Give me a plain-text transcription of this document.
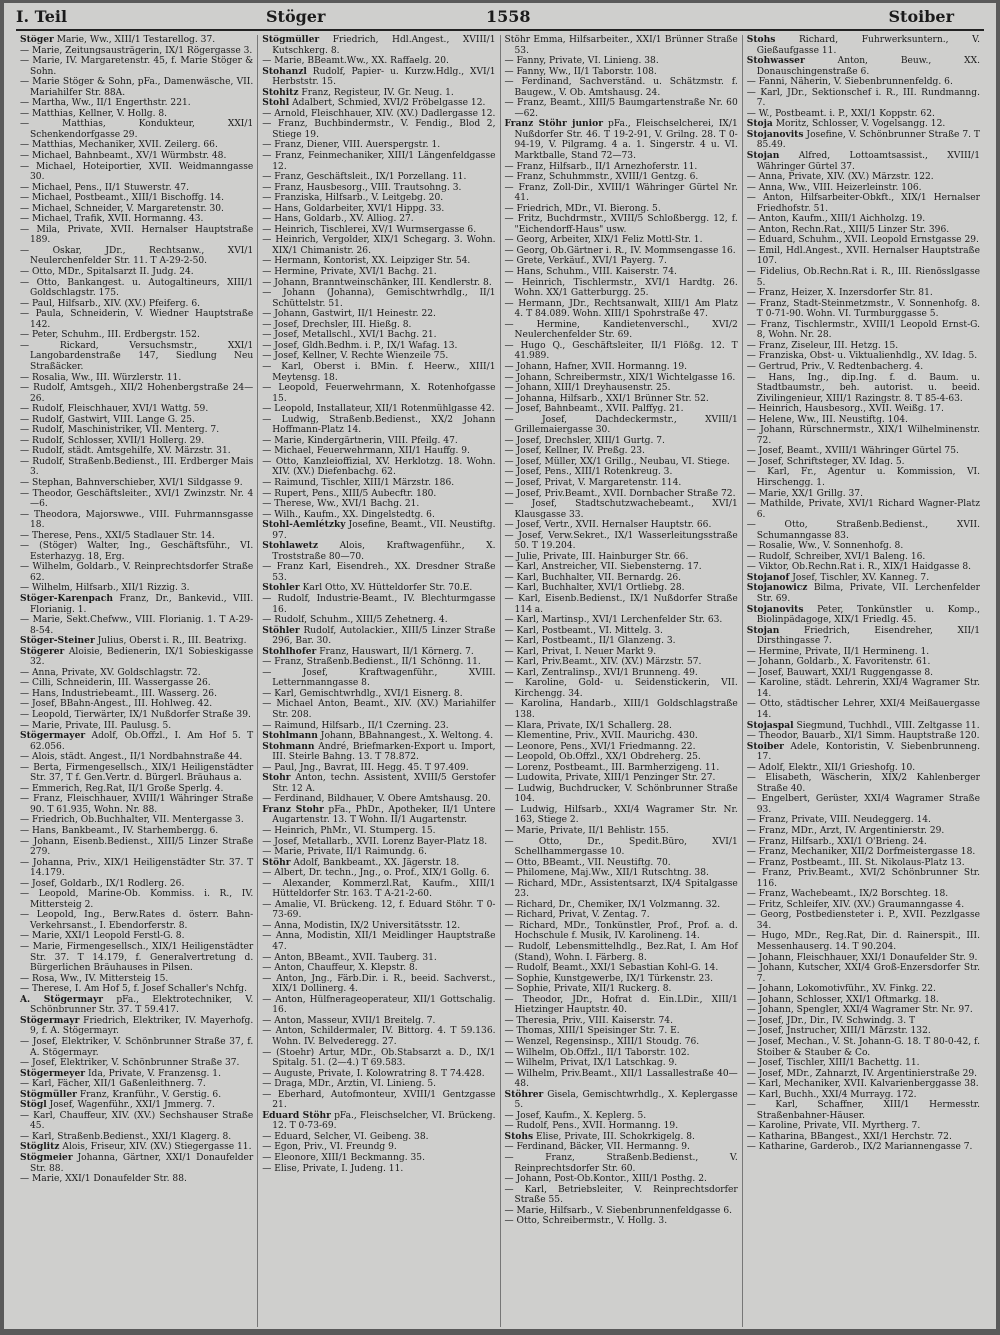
I. Teil	Stöger	1558	Stoiber

Stöger Marie, Ww., XIII/1 Testarellog. 37.

— Marie, Zeitungsausträgerin, IX/1 Rögergasse 3.

— Marie, IV. Margaretenstr. 45, f. Marie Stöger & Sohn.

— Marie Stöger & Sohn, pFa., Damenwäsche, VII. Mariahilfer Str. 88A.

— Martha, Ww., II/1 Engerthstr. 221.

— Matthias, Kellner, V. Hollg. 8.

— Matthias, Kondukteur, XXI/1 Schenkendorfgasse 29.

— Matthias, Mechaniker, XVII. Zeilerg. 66.

— Michael, Bahnbeamt., XV/1 Würmbstr. 48.

— Michael, Hoteiportier, XVII. Weidmanngasse 30.

— Michael, Pens., II/1 Stuwerstr. 47.

— Michael, Postbeamt., XIII/1 Bischoffg. 14.

— Michael, Schneider, V. Margaretenstr. 30.

— Michael, Trafik, XVII. Hormanng. 43.

— Mila, Private, XVII. Hernalser Hauptstraße 189.

— Oskar, JDr., Rechtsanw., XVI/1 Neulerchenfelder Str. 11. T A-29-2-50.

— Otto, MDr., Spitalsarzt II. Judg. 24.

— Otto, Bankangest. u. Autogaltineurs, XIII/1 Goldschlagstr. 175.

— Paul, Hilfsarb., XIV. (XV.) Pfeiferg. 6.

— Paula, Schneiderin, V. Wiedner Hauptstraße 142.

— Peter, Schuhm., III. Erdbergstr. 152.

— Rickard, Versuchsmstr., XXI/1 Langobardenstraße 147, Siedlung Neu Straßäcker.

— Rosalia, Ww., III. Würzlerstr. 11.

— Rudolf, Amtsgeh., XII/2 Hohenbergstraße 24—26.

— Rudolf, Fleischhauer, XVI/1 Wattg. 59.

— Rudolf, Gastwirt, VIII. Lange G. 25.

— Rudolf, Maschinistriker, VII. Menterg. 7.

— Rudolf, Schlosser, XVII/1 Hollerg. 29.

— Rudolf, städt. Amtsgehilfe, XV. Märzstr. 31.

— Rudolf, Straßenb.Bedienst., III. Erdberger Mais 3.

— Stephan, Bahnverschieber, XVI/1 Sildgasse 9.

— Theodor, Geschäftsleiter., XVI/1 Zwinzstr. Nr. 4—6.

— Theodora, Majorswwe., VIII. Fuhrmannsgasse 18.

— Therese, Pens., XXI/5 Stadlauer Str. 14.

— (Stöger) Walter, Ing., Geschäftsführ., VI. Esterhazyg. 18, Erg.

— Wilhelm, Goldarb., V. Reinprechtsdorfer Straße 62.

— Wilhelm, Hilfsarb., XII/1 Rizzig. 3.

Stöger-Karenpach Franz, Dr., Bankevid., VIII. Florianig. 1.

— Marie, Sekt.Chefww., VIII. Florianig. 1. T A-29-8-54.

Stöger-Steiner Julius, Oberst i. R., III. Beatrixg.

Stögerer Aloisie, Bedienerin, IX/1 Sobieskigasse 32.

— Anna, Private, XV. Goldschlagstr. 72.

— Cilli, Schneiderin, III. Wassergasse 26.

— Hans, Industriebeamt., III. Wasserg. 26.

— Josef, BBahn-Angest., III. Hohlweg. 42.

— Leopold, Tierwärter, IX/1 Nußdorfer Straße 39.

— Marie, Private, III. Paulusg. 5.

Stögermayer Adolf, Ob.Offzl., I. Am Hof 5. T 62.056.

— Alois, städt. Angest., II/1 Nordbahnstraße 44.

— Berta, Firmengesellsch., XIX/1 Heiligenstädter Str. 37, T f. Gen.Vertr. d. Bürgerl. Bräuhaus a.

— Emmerich, Reg.Rat, II/1 Große Sperlg. 4.

— Franz, Fleischhauer, XVIII/1 Währinger Straße 90. T 61.935, Wohn. Nr. 88.

— Friedrich, Ob.Buchhalter, VII. Mentergasse 3.

— Hans, Bankbeamt., IV. Starhembergg. 6.

— Johann, Eisenb.Bedienst., XIII/5 Linzer Straße 279.

— Johanna, Priv., XIX/1 Heiligenstädter Str. 37. T 14.179.

— Josef, Goldarb., IX/1 Rodlerg. 26.

— Leopold, Marine-Ob. Kommiss. i. R., IV. Mittersteig 2.

— Leopold, Ing., Berw.Rates d. österr. Bahn-Verkehrsanst., I. Ebendorferstr. 8.

— Marie, XXI/1 Leopold Ferstl-G. 8.

— Marie, Firmengesellsch., XIX/1 Heiligenstädter Str. 37. T 14.179, f. Generalvertretung d. Bürgerlichen Bräuhauses in Pilsen.

— Rosa, Ww., IV. Mittersteig 15.

— Therese, I. Am Hof 5, f. Josef Schaller's Nchfg.

A. Stögermayr pFa., Elektrotechniker, V. Schönbrunner Str. 37. T 59.417.

Stögermayr Friedrich, Elektriker, IV. Mayerhofg. 9, f. A. Stögermayr.

— Josef, Elektriker, V. Schönbrunner Straße 37, f. A. Stögermayr.

— Josef, Elektriker, V. Schönbrunner Straße 37.

Stögermeyer Ida, Private, V. Franzensg. 1.

— Karl, Fächer, XII/1 Gaßenleithnerg. 7.

Stögmüller Franz, Kranführ., V. Gerstig. 6.

Stögl Josef, Wagenführ., XXI/1 Jmmerg. 7.

— Karl, Chauffeur, XIV. (XV.) Sechshauser Straße 45.

— Karl, Straßenb.Bedienst., XXI/1 Klagerg. 8.

Stöglitz Alois, Friseur, XIV. (XV.) Stiegergasse 11.

Stögmeier Johanna, Gärtner, XXI/1 Donaufelder Str. 88.

— Marie, XXI/1 Donaufelder Str. 88.

Stögmüller Friedrich, Hdl.Angest., XVIII/1 Kutschkerg. 8.

— Marie, BBeamt.Ww., XX. Raffaelg. 20.

Stohanzl Rudolf, Papier- u. Kurzw.Hdlg., XVI/1 Herbststr. 15.

Stohitz Franz, Registeur, IV. Gr. Neug. 1.

Stohl Adalbert, Schmied, XVI/2 Fröbelgasse 12.

— Arnold, Fleischhauer, XIV. (XV.) Dadlergasse 12.

— Franz, Buchbindermstr., V. Fendig., Blod 2, Stiege 19.

— Franz, Diener, VIII. Auerspergstr. 1.

— Franz, Feinmechaniker, XIII/1 Längenfeldgasse 12.

— Franz, Geschäftsleit., IX/1 Porzellang. 11.

— Franz, Hausbesorg., VIII. Trautsohng. 3.

— Franziska, Hilfsarb., V. Leitgebg. 20.

— Hans, Goldarbeiter, XVI/1 Hippg. 33.

— Hans, Goldarb., XV. Alliog. 27.

— Heinrich, Tischlerei, XV/1 Wurmsergasse 6.

— Heinrich, Vergolder, XIX/1 Schegarg. 3. Wohn. XIX/1 Chimanistr. 26.

— Hermann, Kontorist, XX. Leipziger Str. 54.

— Hermine, Private, XVI/1 Bachg. 21.

— Johann, Branntweinschänker, III. Kendlerstr. 8.

— Johann (Johanna), Gemischtwrhdlg., II/1 Schüttelstr. 51.

— Johann, Gastwirt, II/1 Heinestr. 22.

— Josef, Drechsler, III. Hießg. 8.

— Josef, Metallschl., XVI/1 Bachg. 21.

— Josef, Gldh.Bedhm. i. P., IX/1 Wafag. 13.

— Josef, Kellner, V. Rechte Wienzeile 75.

— Karl, Oberst i. BMin. f. Heerw., XIII/1 Meytensg. 18.

— Leopold, Feuerwehrmann, X. Rotenhofgasse 15.

— Leopold, Installateur, XII/1 Rotenmühlgasse 42.

— Ludwig, Straßenb.Bedienst., XX/2 Johann Hoffmann-Platz 14.

— Marie, Kindergärtnerin, VIII. Pfeilg. 47.

— Michael, Feuerwehrmann, XII/1 Hauffg. 9.

— Otto, Kanzleioffizial, XV. Herklotzg. 18. Wohn. XIV. (XV.) Diefenbachg. 62.

— Raimund, Tischler, XIII/1 Märzstr. 186.

— Rupert, Pens., XIII/5 Aubecftr. 180.

— Therese, Ww., XVI/1 Bachg. 21.

— Wilh., Kaufm., XX. Dingelstedtg. 6.

Stohl-Aemlétzky Josefine, Beamt., VII. Neustiftg. 97.

Stohlawetz Alois, Kraftwagenführ., X. Troststraße 80—70.

— Franz Karl, Eisendreh., XX. Dresdner Straße 53.

Stohler Karl Otto, XV. Hütteldorfer Str. 70.E.

— Rudolf, Industrie-Beamt., IV. Blechturmgasse 16.

— Rudolf, Schuhm., XIII/5 Zehetnerg. 4.

Stöhler Rudolf, Autolackier., XIII/5 Linzer Straße 296, Bar. 30.

Stohlhofer Franz, Hauswart, II/1 Körnerg. 7.

— Franz, Straßenb.Bedienst., II/1 Schönng. 11.

— Josef, Kraftwagenführ., XVIII. Letternmanngasse 8.

— Karl, Gemischtwrhdlg., XVI/1 Eisnerg. 8.

— Michael Anton, Beamt., XIV. (XV.) Mariahilfer Str. 208.

— Raimund, Hilfsarb., II/1 Czerning. 23.

Stohlmann Johann, BBahnangest., X. Weltong. 4.

Stohmann André, Briefmarken-Export u. Import, III. Steirle Bahng. 13. T 78.872.

— Paul, Jng., Bavrat, III. Hegg. 45. T 97.409.

Stohr Anton, techn. Assistent, XVIII/5 Gerstofer Str. 12 A.

— Ferdinand, Bildhauer, V. Obere Amtshausg. 20.

Franz Stohr pFa., PhDr., Apotheker, II/1 Untere Augartenstr. 13. T Wohn. II/1 Augartenstr.

— Heinrich, PhMr., VI. Stumperg. 15.

— Josef, Metallarb., XVII. Lorenz Bayer-Platz 18.

— Marie, Private, II/1 Raimundg. 6.

Stöhr Adolf, Bankbeamt., XX. Jägerstr. 18.

— Albert, Dr. techn., Jng., o. Prof., XIX/1 Gollg. 6.

— Alexander, Kommerzl.Rat, Kaufm., XIII/1 Hütteldorfer Str. 163. T A-21-2-60.

— Amalie, VI. Brückeng. 12, f. Eduard Stöhr. T 0-73-69.

— Anna, Modistin, IX/2 Universitätsstr. 12.

— Anna, Modistin, XII/1 Meidlinger Hauptstraße 47.

— Anton, BBeamt., XVII. Tauberg. 31.

— Anton, Chauffeur, X. Klepstr. 8.

— Anton, Jng., Färb.Dir. i. R., beeid. Sachverst., XIX/1 Dollinerg. 4.

— Anton, Hülfnerageoperateur, XII/1 Gottschalig. 16.

— Anton, Masseur, XVII/1 Breitelg. 7.

— Anton, Schildermaler, IV. Bittorg. 4. T 59.136. Wohn. IV. Belvederegg. 27.

— (Stoehr) Artur, MDr., Ob.Stabsarzt a. D., IX/1 Spitalg. 51. (2—4.) T 69.583.

— Auguste, Private, I. Kolowratring 8. T 74.428.

— Draga, MDr., Arztin, VI. Linieng. 5.

— Eberhard, Autofmonteur, XVIII/1 Gentzgasse 21.

Eduard Stöhr pFa., Fleischselcher, VI. Brückeng. 12. T 0-73-69.

— Eduard, Selcher, VI. Geibeng. 38.

— Egon, Priv., VI. Freundg 9.

— Eleonore, XIII/1 Beckmanng. 35.

— Elise, Private, I. Judeng. 11.

Stöhr Emma, Hilfsarbeiter., XXI/1 Brünner Straße 53.

— Fanny, Private, VI. Linieng. 38.

— Fanny, Ww., II/1 Taborstr. 108.

— Ferdinand, Sachverständ. u. Schätzmstr. f. Baugew., V. Ob. Amtshausg. 24.

— Franz, Beamt., XIII/5 Baumgartenstraße Nr. 60—62.

Franz Stöhr junior pFa., Fleischselcherei, IX/1 Nußdorfer Str. 46. T 19-2-91, V. Grilng. 28. T 0-94-19, V. Pilgramg. 4 a. 1. Singerstr. 4 u. VI. Marktballe, Stand 72—73.

— Franz, Hilfsarb., II/1 Arnezhoferstr. 11.

— Franz, Schuhmmstr., XVIII/1 Gentzg. 6.

— Franz, Zoll-Dir., XVIII/1 Währinger Gürtel Nr. 41.

— Friedrich, MDr., VI. Bierong. 5.

— Fritz, Buchdrmstr., XVIII/5 Schloßbergg. 12, f. "Eichendorff-Haus" usw.

— Georg, Arbeiter, XIX/1 Feliz Mottl-Str. 1.

— Georg, Ob.Gärtner i. R., IV. Mommsengasse 16.

— Grete, Verkäuf., XVI/1 Payerg. 7.

— Hans, Schuhm., VIII. Kaiserstr. 74.

— Heinrich, Tischlermstr., XVI/1 Hardtg. 26. Wohn. XX/1 Gatterburgg. 25.

— Hermann, JDr., Rechtsanwalt, XIII/1 Am Platz 4. T 84.089. Wohn. XIII/1 Spohrstraße 47.

— Hermine, Kandietenverschl., XVI/2 Neulerchenfelder Str. 69.

— Hugo Q., Geschäftsleiter, II/1 Flößg. 12. T 41.989.

— Johann, Hafner, XVII. Hormanng. 19.

— Johann, Schreibermstr., XIX/1 Wichtelgasse 16.

— Johann, XIII/1 Dreyhausenstr. 25.

— Johanna, Hilfsarb., XXI/1 Brünner Str. 52.

— Josef, Bahnbeamt., XVII. Palffyg. 21.

— Josef, Dachdeckermstr., XVIII/1 Grillemaiergasse 30.

— Josef, Drechsler, XIII/1 Gurtg. 7.

— Josef, Kellner, IV. Preßg. 23.

— Josef, Müller, XX/1 Grillg., Neubau, VI. Stiege.

— Josef, Pens., XIII/1 Rotenkreug. 3.

— Josef, Privat, V. Margaretenstr. 114.

— Josef, Priv.Beamt., XVII. Dornbacher Straße 72.

— Josef, Stadtschutzwachebeamt., XVI/1 Klausgasse 33.

— Josef, Vertr., XVII. Hernalser Hauptstr. 66.

— Josef, Verw.Sekret., IX/1 Wasserleitungsstraße 50. T 19.204.

— Julie, Private, III. Hainburger Str. 66.

— Karl, Anstreicher, VII. Siebensterng. 17.

— Karl, Buchhalter, VII. Bernardg. 26.

— Karl, Buchhalter, XVI/1 Ortliebg. 28.

— Karl, Eisenb.Bedienst., IX/1 Nußdorfer Straße 114 a.

— Karl, Martinsp., XVI/1 Lerchenfelder Str. 63.

— Karl, Postbeamt., VI. Mittelg. 3.

— Karl, Postbeamt., II/1 Glanzeng. 3.

— Karl, Privat, I. Neuer Markt 9.

— Karl, Priv.Beamt., XIV. (XV.) Märzstr. 57.

— Karl, Zentralinsp., XVI/1 Brunneng. 49.

— Karoline, Gold- u. Seidenstickerin, VII. Kirchengg. 34.

— Karolina, Handarb., XIII/1 Goldschlagstraße 138.

— Klara, Private, IX/1 Schallerg. 28.

— Klementine, Priv., XVII. Maurichg. 430.

— Leonore, Pens., XVI/1 Friedmanng. 22.

— Leopold, Ob.Offzl., XX/1 Obdreherg. 25.

— Lorenz, Postbeamt., III. Barmherzigeng. 11.

— Ludowita, Private, XIII/1 Penzinger Str. 27.

— Ludwig, Buchdrucker, V. Schönbrunner Straße 104.

— Ludwig, Hilfsarb., XXI/4 Wagramer Str. Nr. 163, Stiege 2.

— Marie, Private, II/1 Behlistr. 155.

— Otto, Dr., Spedit.Büro, XVI/1 Schellhammergasse 10.

— Otto, BBeamt., VII. Neustiftg. 70.

— Philomene, Maj.Ww., XII/1 Rutschtng. 38.

— Richard, MDr., Assistentsarzt, IX/4 Spitalgasse 23.

— Richard, Dr., Chemiker, IX/1 Volzmanng. 32.

— Richard, Privat, V. Zentag. 7.

— Richard, MDr., Tonkünstler, Prof., Prof. a. d. Hochschule f. Musik, IV. Karolineng. 14.

— Rudolf, Lebensmittelhdlg., Bez.Rat, I. Am Hof (Stand), Wohn. I. Färberg. 8.

— Rudolf, Beamt., XXI/1 Sebastian Kohl-G. 14.

— Sophie, Kunstgewerbe, IX/1 Türkenstr. 23.

— Sophie, Private, XII/1 Ruckerg. 8.

— Theodor, JDr., Hofrat d. Ein.LDir., XIII/1 Hietzinger Hauptstr. 40.

— Theresia, Priv., VIII. Kaiserstr. 74.

— Thomas, XIII/1 Speisinger Str. 7. E.

— Wenzel, Regensinsp., XIII/1 Stoudg. 76.

— Wilhelm, Ob.Offzl., II/1 Taborstr. 102.

— Wilhelm, Privat, IX/1 Latschkag. 9.

— Wilhelm, Priv.Beamt., XII/1 Lassallestraße 40—48.

Stöhrer Gisela, Gemischtwrhdlg., X. Keplergasse 5.

— Josef, Kaufm., X. Keplerg. 5.

— Rudolf, Pens., XVII. Hormanng. 19.

Stohs Elise, Private, III. Schokrkigelg. 8.

— Ferdinand, Bäcker, VII. Hermanng. 9.

— Franz, Straßenb.Bedienst., V. Reinprechtsdorfer Str. 60.

— Johann, Post-Ob.Kontor., XIII/1 Posthg. 2.

— Karl, Betriebsleiter, V. Reinprechtsdorfer Straße 55.

— Marie, Hilfsarb., V. Siebenbrunnenfeldgasse 6.

— Otto, Schreibermstr., V. Hollg. 3.

Stohs	Richard, Fuhrwerksuntern., V. Gießaufgasse 11.

Stohwasser	Anton, Beuw., XX. Donauschingenstraße 6.

— Fanni, Näherin, V. Siebenbrunnenfeldg. 6.

— Karl, JDr., Sektionschef i. R., III. Rundmanng. 7.

— W., Postbeamt. i. P., XXI/1 Koppstr. 62.

Stoja Moritz, Schlosser, V. Vogelsangg. 12.

Stojanovits Josefine, V. Schönbrunner Straße 7. T 85.49.

Stojan Alfred, Lottoamtsassist., XVIII/1 Währinger Gürtel 37.

— Anna, Private, XIV. (XV.) Märzstr. 122.

— Anna, Ww., VIII. Heizerleinstr. 106.

— Anton, Hilfsarbeiter-Obkft., XIX/1 Hernalser Friedhofstr. 51.

— Anton, Kaufm., XIII/1 Aichholzg. 19.

— Anton, Rechn.Rat., XIII/5 Linzer Str. 396.

— Eduard, Schuhm., XVII. Leopold Ernstgasse 29.

— Emil, Hdl.Angest., XVII. Hernalser Hauptstraße 107.

— Fidelius, Ob.Rechn.Rat i. R., III. Rienösslgasse 5.

— Franz, Heizer, X. Inzersdorfer Str. 81.

— Franz, Stadt-Steinmetzmstr., V. Sonnenhofg. 8. T 0-71-90. Wohn. VI. Turmburggasse 5.

— Franz, Tischlermstr., XVIII/1 Leopold Ernst-G. 8, Wohn. Nr. 28.

— Franz, Ziseleur, III. Hetzg. 15.

— Franziska, Obst- u. Viktualienhdlg., XV. Idag. 5.

— Gertrud, Priv., V. Redtenbacherg. 4.

— Hans, Ing., dip.Ing. f. d. Baum. u. Stadtbaumstr., beh. autorist. u. beeid. Zivilingenieur, XIII/1 Razingstr. 8. T 85-4-63.

— Heinrich, Hausbesorg., XVII. Weißg. 17.

— Helene, Ww., III. Neustiftg. 104.

— Johann, Rürschnermstr., XIX/1 Wilhelminenstr. 72.

— Josef, Beamt., XVIII/1 Währinger Gürtel 75.

— Josef, Schriftsteger, XV. Idag. 5.

— Karl, Fr., Agentur u. Kommission, VI. Hirschengg. 1.

— Marie, XX/1 Grillg. 37.

— Mathilde, Private, XVI/1 Richard Wagner-Platz 6.

— Otto, Straßenb.Bedienst., XVII. Schumanngasse 83.

— Rosalie, Ww., V. Sonnenhofg. 8.

— Rudolf, Schreiber, XVI/1 Baleng. 16.

— Viktor, Ob.Rechn.Rat i. R., XIX/1 Haidgasse 8.

Stojanof Josef, Tischler, XV. Kanneg. 7.

Stojanowicz Bilma, Private, VII. Lerchenfelder Str. 69.

Stojanovits Peter, Tonkünstler u. Komp., Biolinpädagoge, XIX/1 Friedlg. 45.

Stojan	Friedrich, Eisendreher, XII/1 Dirsthingasse 7.

— Hermine, Private, II/1 Hermineng. 1.

— Johann, Goldarb., X. Favoritenstr. 61.

— Josef, Bauwart, XXI/1 Ruggengasse 8.

— Karoline, städt. Lehrerin, XXI/4 Wagramer Str. 14.

— Otto, städtischer Lehrer, XXI/4 Meißauergasse 14.

Stojaspal Siegmund, Tuchhdl., VIII. Zeltgasse 11.

— Theodor, Bauarb., XI/1 Simm. Hauptstraße 120.

Stoiber Adele, Kontoristin, V. Siebenbrunneng. 17.

— Adolf, Elektr., XII/1 Grieshofg. 10.

— Elisabeth, Wäscherin, XIX/2 Kahlenberger Straße 40.

— Engelbert, Gerüster, XXI/4 Wagramer Straße 93.

— Franz, Private, VIII. Neudeggerg. 14.

— Franz, MDr., Arzt, IV. Argentinierstr. 29.

— Franz, Hilfsarb., XXI/1 O'Brieng. 24.

— Franz, Mechaniker, XII/2 Dorfmeistergasse 18.

— Franz, Postbeamt., III. St. Nikolaus-Platz 13.

— Franz, Priv.Beamt., XVI/2 Schönbrunner Str. 116.

— Franz, Wachebeamt., IX/2 Borschteg. 18.

— Fritz, Schleifer, XIV. (XV.) Graumanngasse 4.

— Georg, Postbediensteter i. P., XVII. Pezzlgasse 34.

— Hugo, MDr., Reg.Rat, Dir. d. Rainerspit., III. Messenhauserg. 14. T 90.204.

— Johann, Fleischhauer, XXI/1 Donaufelder Str. 9.

— Johann, Kutscher, XXI/4 Groß-Enzersdorfer Str. 7.

— Johann, Lokomotivführ., XV. Finkg. 22.

— Johann, Schlosser, XXI/1 Oftmarkg. 18.

— Johann, Spengler, XXI/4 Wagramer Str. Nr. 97.

— Josef, JDr., Dir., IV. Schwindg. 3. T

— Josef, Jnstrucher, XIII/1 Märzstr. 132.

— Josef, Mechan., V. St. Johann-G. 18. T 80-0-42, f. Stoiber & Stauber & Co.

— Josef, Tischler, XIII/1 Bachettg. 11.

— Josef, MDr., Zahnarzt, IV. Argentinierstraße 29.

— Karl, Mechaniker, XVII. Kalvarienberggasse 38.

— Karl, Buchh., XXI/4 Murrayg. 172.

— Karl, Schaffner, XIII/1 Hermesstr. Straßenbahner-Häuser.

— Karoline, Private, VII. Myrtherg. 7.

— Katharina, BBangest., XXI/1 Herchstr. 72.

— Katharine, Garderob., IX/2 Mariannengasse 7.
